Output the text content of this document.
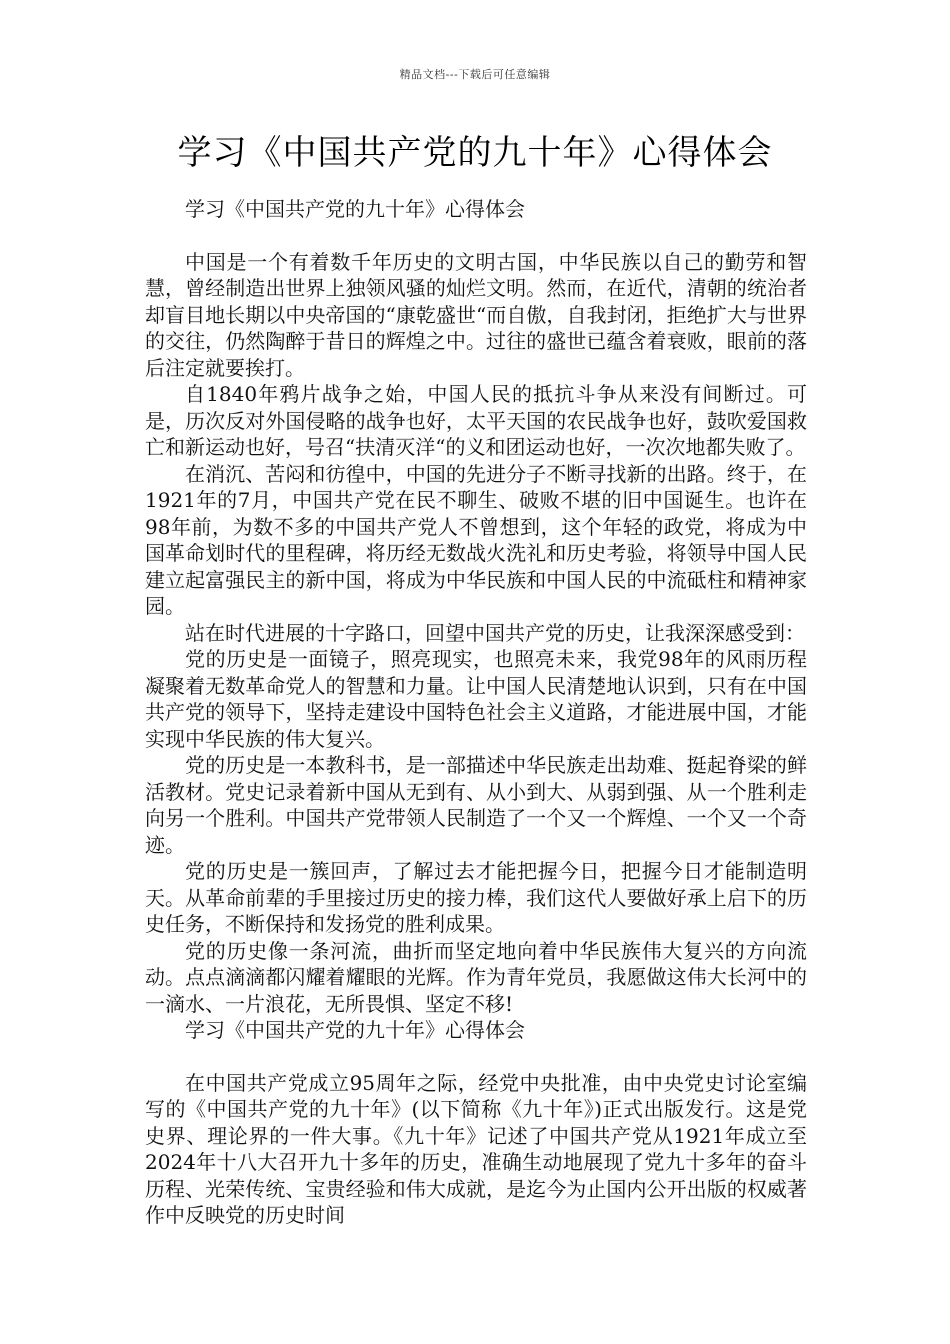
精品文档---下载后可任意编辑
学习《中国共产党的九十年》心得体会

学习《中国共产党的九十年》心得体会

中国是一个有着数千年历史的文明古国，中华民族以自己的勤劳和智慧，曾经制造出世界上独领风骚的灿烂文明。然而，在近代，清朝的统治者却盲目地长期以中央帝国的“康乾盛世“而自傲，自我封闭，拒绝扩大与世界的交往，仍然陶醉于昔日的辉煌之中。过往的盛世已蕴含着衰败，眼前的落后注定就要挨打。

自1840年鸦片战争之始，中国人民的抵抗斗争从来没有间断过。可是，历次反对外国侵略的战争也好，太平天国的农民战争也好，鼓吹爱国救亡和新运动也好，号召“扶清灭洋“的义和团运动也好，一次次地都失败了。

在消沉、苦闷和彷徨中，中国的先进分子不断寻找新的出路。终于，在1921年的7月，中国共产党在民不聊生、破败不堪的旧中国诞生。也许在98年前，为数不多的中国共产党人不曾想到，这个年轻的政党，将成为中国革命划时代的里程碑，将历经无数战火洗礼和历史考验，将领导中国人民建立起富强民主的新中国，将成为中华民族和中国人民的中流砥柱和精神家园。

站在时代进展的十字路口，回望中国共产党的历史，让我深深感受到：

党的历史是一面镜子，照亮现实，也照亮未来，我党98年的风雨历程凝聚着无数革命党人的智慧和力量。让中国人民清楚地认识到，只有在中国共产党的领导下，坚持走建设中国特色社会主义道路，才能进展中国，才能实现中华民族的伟大复兴。

党的历史是一本教科书，是一部描述中华民族走出劫难、挺起脊梁的鲜活教材。党史记录着新中国从无到有、从小到大、从弱到强、从一个胜利走向另一个胜利。中国共产党带领人民制造了一个又一个辉煌、一个又一个奇迹。

党的历史是一簇回声，了解过去才能把握今日，把握今日才能制造明天。从革命前辈的手里接过历史的接力棒，我们这代人要做好承上启下的历史任务，不断保持和发扬党的胜利成果。

党的历史像一条河流，曲折而坚定地向着中华民族伟大复兴的方向流动。点点滴滴都闪耀着耀眼的光辉。作为青年党员，我愿做这伟大长河中的一滴水、一片浪花，无所畏惧、坚定不移!

学习《中国共产党的九十年》心得体会

在中国共产党成立95周年之际，经党中央批准，由中央党史讨论室编写的《中国共产党的九十年》(以下简称《九十年》)正式出版发行。这是党史界、理论界的一件大事。《九十年》记述了中国共产党从1921年成立至2024年十八大召开九十多年的历史，准确生动地展现了党九十多年的奋斗历程、光荣传统、宝贵经验和伟大成就，是迄今为止国内公开出版的权威著作中反映党的历史时间
